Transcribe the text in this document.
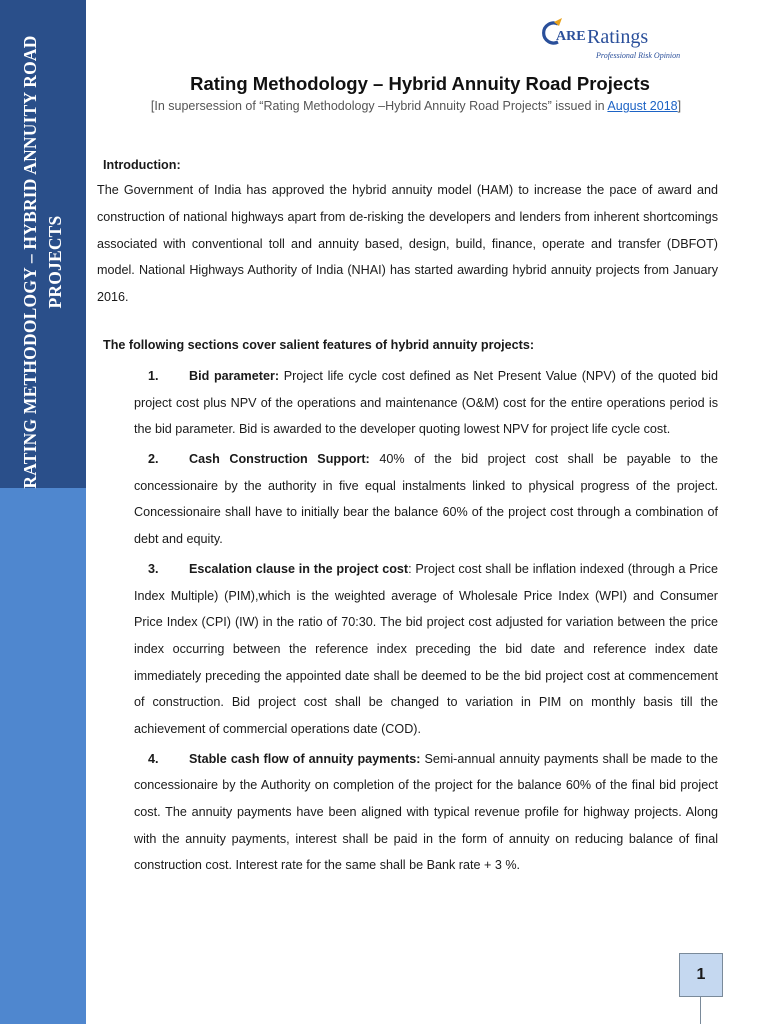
RATING METHODOLOGY – HYBRID ANNUITY ROAD PROJECTS
ARE Ratings
Professional Risk Opinion
Rating Methodology – Hybrid Annuity Road Projects
[In supersession of “Rating Methodology –Hybrid Annuity Road Projects” issued in August 2018]

Introduction:

The Government of India has approved the hybrid annuity model (HAM) to increase the pace of award and construction of national highways apart from de-risking the developers and lenders from inherent shortcomings associated with conventional toll and annuity based, design, build, finance, operate and transfer (DBFOT) model. National Highways Authority of India (NHAI) has started awarding hybrid annuity projects from January 2016.

The following sections cover salient features of hybrid annuity projects:

1. Bid parameter: Project life cycle cost defined as Net Present Value (NPV) of the quoted bid project cost plus NPV of the operations and maintenance (O&M) cost for the entire operations period is the bid parameter. Bid is awarded to the developer quoting lowest NPV for project life cycle cost.
2. Cash Construction Support: 40% of the bid project cost shall be payable to the concessionaire by the authority in five equal instalments linked to physical progress of the project. Concessionaire shall have to initially bear the balance 60% of the project cost through a combination of debt and equity.
3. Escalation clause in the project cost: Project cost shall be inflation indexed (through a Price Index Multiple) (PIM),which is the weighted average of Wholesale Price Index (WPI) and Consumer Price Index (CPI) (IW) in the ratio of 70:30. The bid project cost adjusted for variation between the price index occurring between the reference index preceding the bid date and reference index date immediately preceding the appointed date shall be deemed to be the bid project cost at commencement of construction. Bid project cost shall be changed to variation in PIM on monthly basis till the achievement of commercial operations date (COD).
4. Stable cash flow of annuity payments: Semi-annual annuity payments shall be made to the concessionaire by the Authority on completion of the project for the balance 60% of the final bid project cost. The annuity payments have been aligned with typical revenue profile for highway projects. Along with the annuity payments, interest shall be paid in the form of annuity on reducing balance of final construction cost. Interest rate for the same shall be Bank rate + 3 %.
1
